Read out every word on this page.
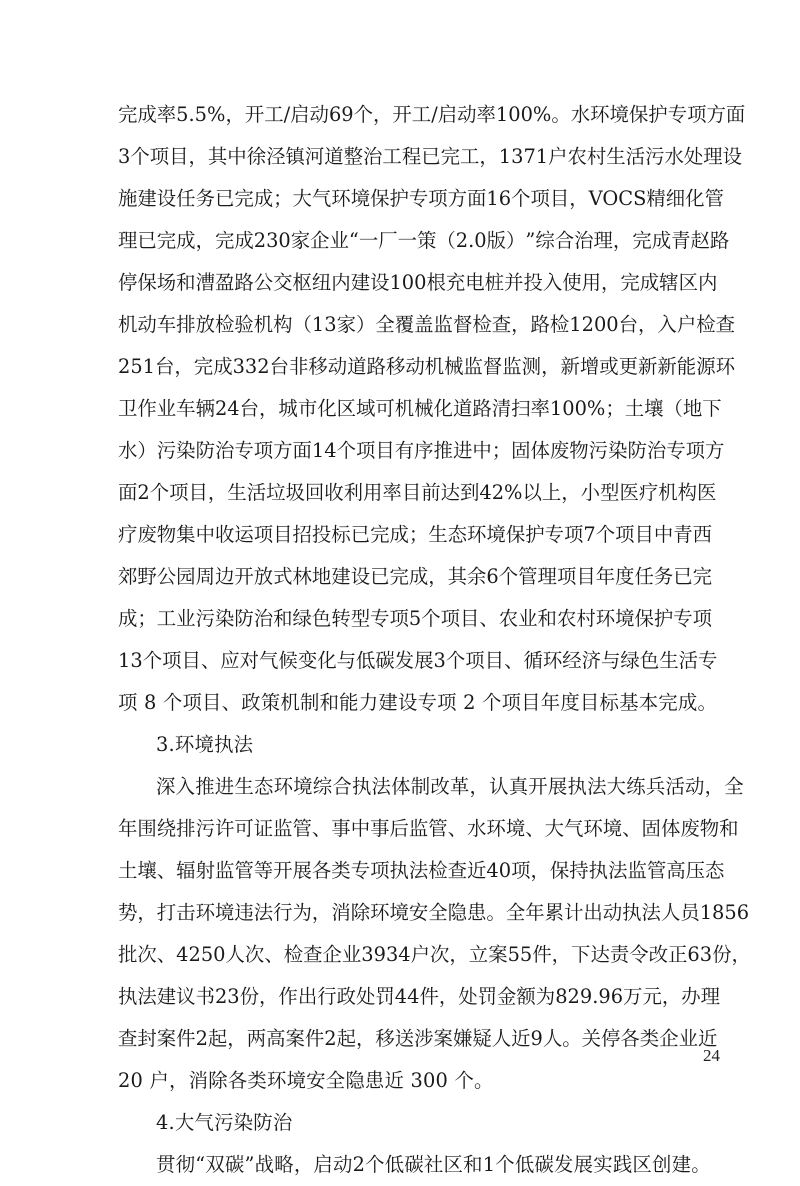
完 成 率 5.5% ， 开 工 / 启 动 69 个 ， 开 工 / 启 动 率 100% 。 水 环 境 保 护 专 项 方 面
3 个 项 目 ， 其 中 徐 泾 镇 河 道 整 治 工 程 已 完 工 ， 1371 户 农 村 生 活 污 水 处 理 设
施 建 设 任 务 已 完 成 ； 大 气 环 境 保 护 专 项 方 面 16 个 项 目 ， VOCS 精 细 化 管
理 已 完 成 ， 完 成 230 家 企 业 “ 一 厂 一 策 （ 2.0 版 ） ” 综 合 治 理 ， 完 成 青 赵 路
停 保 场 和 漕 盈 路 公 交 枢 纽 内 建 设 100 根 充 电 桩 并 投 入 使 用 ， 完 成 辖 区 内
机 动 车 排 放 检 验 机 构 （ 13 家 ） 全 覆 盖 监 督 检 查 ， 路 检 1200 台 ， 入 户 检 查
251 台 ， 完 成 332 台 非 移 动 道 路 移 动 机 械 监 督 监 测 ， 新 增 或 更 新 新 能 源 环
卫 作 业 车 辆 24 台 ， 城 市 化 区 域 可 机 械 化 道 路 清 扫 率 100% ； 土 壤 （ 地 下
水 ） 污 染 防 治 专 项 方 面 14 个 项 目 有 序 推 进 中 ； 固 体 废 物 污 染 防 治 专 项 方
面 2 个 项 目 ， 生 活 垃 圾 回 收 利 用 率 目 前 达 到 42% 以 上 ， 小 型 医 疗 机 构 医
疗 废 物 集 中 收 运 项 目 招 投 标 已 完 成 ； 生 态 环 境 保 护 专 项 7 个 项 目 中 青 西
郊 野 公 园 周 边 开 放 式 林 地 建 设 已 完 成 ， 其 余 6 个 管 理 项 目 年 度 任 务 已 完
成 ； 工 业 污 染 防 治 和 绿 色 转 型 专 项 5 个 项 目 、 农 业 和 农 村 环 境 保 护 专 项
13 个 项 目 、 应 对 气 候 变 化 与 低 碳 发 展 3 个 项 目 、 循 环 经 济 与 绿 色 生 活 专
项 8 个项目、政策机制和能力建设专项 2 个项目年度目标基本完成。
3.环境执法
深 入 推 进 生 态 环 境 综 合 执 法 体 制 改 革 ， 认 真 开 展 执 法 大 练 兵 活 动 ， 全
年 围 绕 排 污 许 可 证 监 管 、 事 中 事 后 监 管 、 水 环 境 、 大 气 环 境 、 固 体 废 物 和
土 壤 、 辐 射 监 管 等 开 展 各 类 专 项 执 法 检 查 近 40 项 ， 保 持 执 法 监 管 高 压 态
势 ， 打 击 环 境 违 法 行 为 ， 消 除 环 境 安 全 隐 患 。 全 年 累 计 出 动 执 法 人 员 1856
批 次 、 4250 人 次 、 检 查 企 业 3934 户 次 ， 立 案 55 件 ， 下 达 责 令 改 正 63 份 ，
执 法 建 议 书 23 份 ， 作 出 行 政 处 罚 44 件 ， 处 罚 金 额 为 829.96 万 元 ， 办 理
查 封 案 件 2 起 ， 两 高 案 件 2 起 ， 移 送 涉 案 嫌 疑 人 近 9 人 。 关 停 各 类 企 业 近
20 户，消除各类环境安全隐患近 300 个。
4.大气污染防治
贯 彻 “ 双 碳 ” 战 略 ， 启 动 2 个 低 碳 社 区 和 1 个 低 碳 发 展 实 践 区 创 建 。
24
